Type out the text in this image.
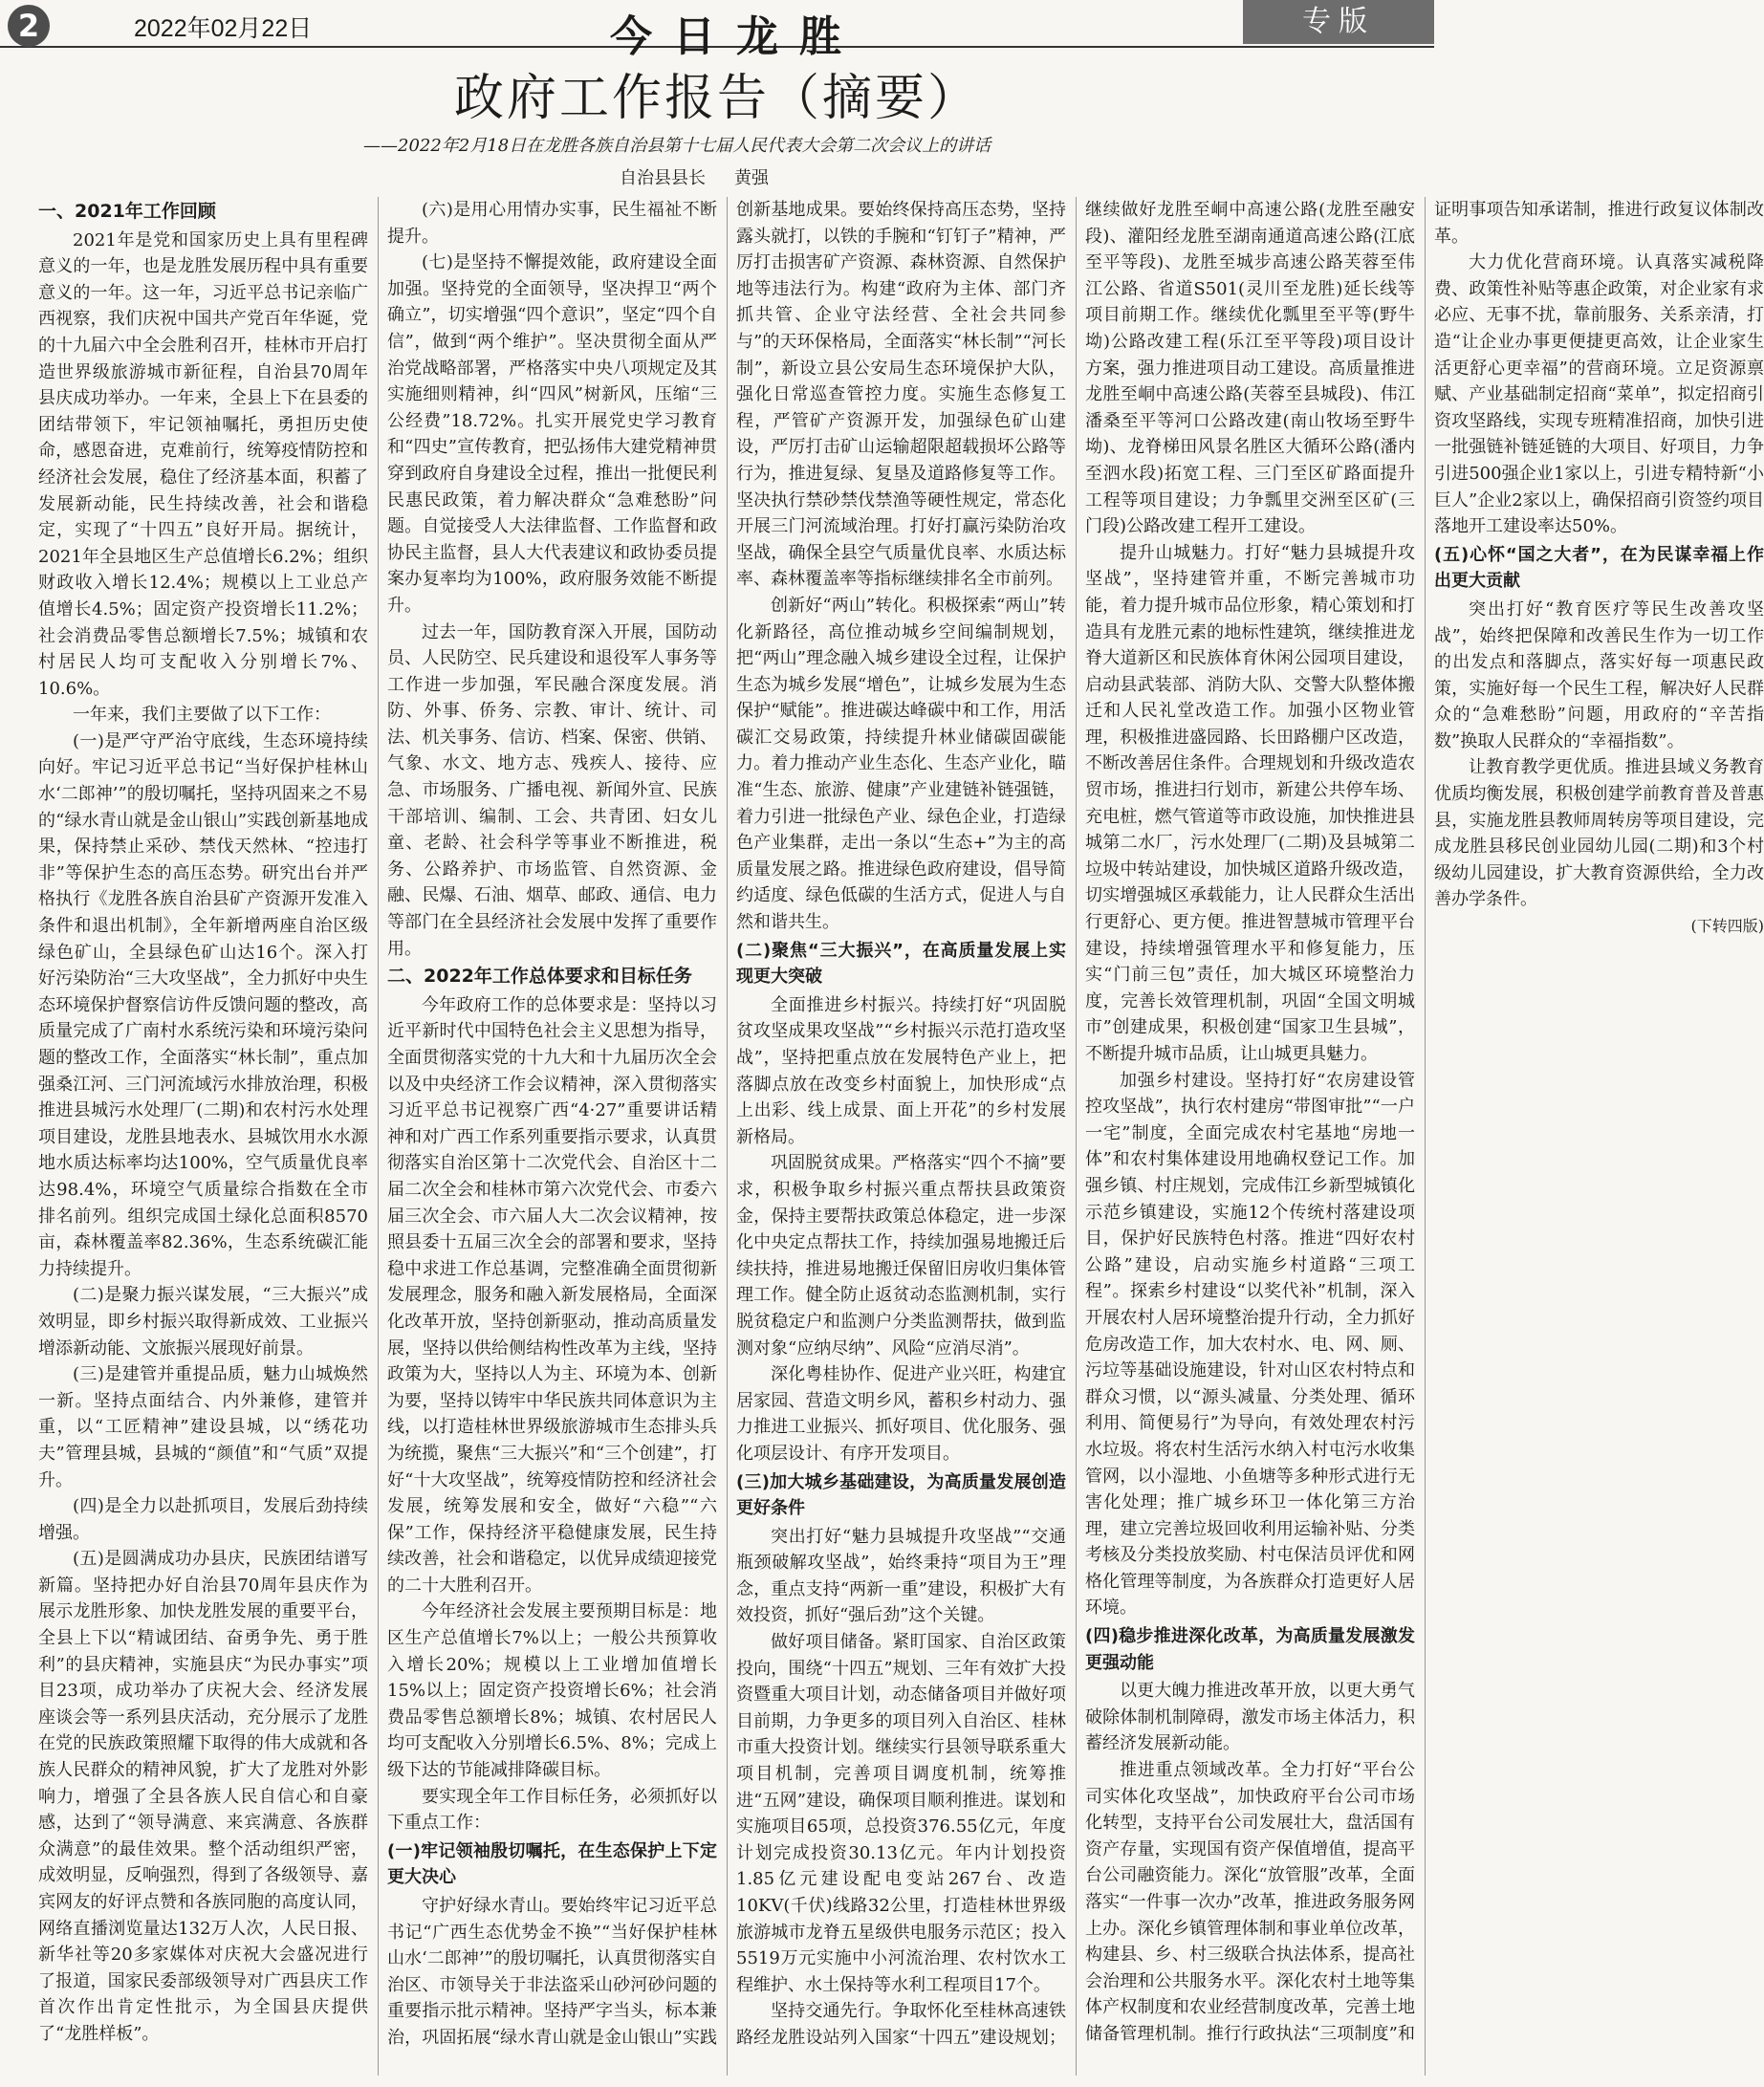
2	2022年02月22日	今日龙胜	专版
政府工作报告（摘要）
——2022年2月18日在龙胜各族自治县第十七届人民代表大会第二次会议上的讲话
自治县县长 黄强
一、2021年工作回顾

2021年是党和国家历史上具有里程碑意义的一年，也是龙胜发展历程中具有重要意义的一年。这一年，习近平总书记亲临广西视察，我们庆祝中国共产党百年华诞，党的十九届六中全会胜利召开，桂林市开启打造世界级旅游城市新征程，自治县70周年县庆成功举办。一年来，全县上下在县委的团结带领下，牢记领袖嘱托，勇担历史使命，感恩奋进，克难前行，统筹疫情防控和经济社会发展，稳住了经济基本面，积蓄了发展新动能，民生持续改善，社会和谐稳定，实现了“十四五”良好开局。据统计，2021年全县地区生产总值增长6.2%；组织财政收入增长12.4%；规模以上工业总产值增长4.5%；固定资产投资增长11.2%；社会消费品零售总额增长7.5%；城镇和农村居民人均可支配收入分别增长7%、10.6%。

一年来，我们主要做了以下工作：

(一)是严守严治守底线，生态环境持续向好。牢记习近平总书记“当好保护桂林山水‘二郎神’”的殷切嘱托，坚持巩固来之不易的“绿水青山就是金山银山”实践创新基地成果，保持禁止采砂、禁伐天然林、“控违打非”等保护生态的高压态势。研究出台并严格执行《龙胜各族自治县矿产资源开发准入条件和退出机制》，全年新增两座自治区级绿色矿山，全县绿色矿山达16个。深入打好污染防治“三大攻坚战”，全力抓好中央生态环境保护督察信访件反馈问题的整改，高质量完成了广南村水系统污染和环境污染问题的整改工作，全面落实“林长制”，重点加强桑江河、三门河流域污水排放治理，积极推进县城污水处理厂(二期)和农村污水处理项目建设，龙胜县地表水、县城饮用水水源地水质达标率均达100%，空气质量优良率达98.4%，环境空气质量综合指数在全市排名前列。组织完成国土绿化总面积8570亩，森林覆盖率82.36%，生态系统碳汇能力持续提升。

(二)是聚力振兴谋发展，“三大振兴”成效明显，即乡村振兴取得新成效、工业振兴增添新动能、文旅振兴展现好前景。

(三)是建管并重提品质，魅力山城焕然一新。坚持点面结合、内外兼修，建管并重，以“工匠精神”建设县城，以“绣花功夫”管理县城，县城的“颜值”和“气质”双提升。

(四)是全力以赴抓项目，发展后劲持续增强。

(五)是圆满成功办县庆，民族团结谱写新篇。坚持把办好自治县70周年县庆作为展示龙胜形象、加快龙胜发展的重要平台，全县上下以“精诚团结、奋勇争先、勇于胜利”的县庆精神，实施县庆“为民办事实”项目23项，成功举办了庆祝大会、经济发展座谈会等一系列县庆活动，充分展示了龙胜在党的民族政策照耀下取得的伟大成就和各族人民群众的精神风貌，扩大了龙胜对外影响力，增强了全县各族人民自信心和自豪感，达到了“领导满意、来宾满意、各族群众满意”的最佳效果。整个活动组织严密，成效明显，反响强烈，得到了各级领导、嘉宾网友的好评点赞和各族同胞的高度认同，网络直播浏览量达132万人次，人民日报、新华社等20多家媒体对庆祝大会盛况进行了报道，国家民委部级领导对广西县庆工作首次作出肯定性批示，为全国县庆提供了“龙胜样板”。

(六)是用心用情办实事，民生福祉不断提升。

(七)是坚持不懈提效能，政府建设全面加强。坚持党的全面领导，坚决捍卫“两个确立”，切实增强“四个意识”，坚定“四个自信”，做到“两个维护”。坚决贯彻全面从严治党战略部署，严格落实中央八项规定及其实施细则精神，纠“四风”树新风，压缩“三公经费”18.72%。扎实开展党史学习教育和“四史”宣传教育，把弘扬伟大建党精神贯穿到政府自身建设全过程，推出一批便民利民惠民政策，着力解决群众“急难愁盼”问题。自觉接受人大法律监督、工作监督和政协民主监督，县人大代表建议和政协委员提案办复率均为100%，政府服务效能不断提升。

过去一年，国防教育深入开展，国防动员、人民防空、民兵建设和退役军人事务等工作进一步加强，军民融合深度发展。消防、外事、侨务、宗教、审计、统计、司法、机关事务、信访、档案、保密、供销、气象、水文、地方志、残疾人、接待、应急、市场服务、广播电视、新闻外宣、民族干部培训、编制、工会、共青团、妇女儿童、老龄、社会科学等事业不断推进，税务、公路养护、市场监管、自然资源、金融、民爆、石油、烟草、邮政、通信、电力等部门在全县经济社会发展中发挥了重要作用。

二、2022年工作总体要求和目标任务

今年政府工作的总体要求是：坚持以习近平新时代中国特色社会主义思想为指导，全面贯彻落实党的十九大和十九届历次全会以及中央经济工作会议精神，深入贯彻落实习近平总书记视察广西“4·27”重要讲话精神和对广西工作系列重要指示要求，认真贯彻落实自治区第十二次党代会、自治区十二届二次全会和桂林市第六次党代会、市委六届三次全会、市六届人大二次会议精神，按照县委十五届三次全会的部署和要求，坚持稳中求进工作总基调，完整准确全面贯彻新发展理念，服务和融入新发展格局，全面深化改革开放，坚持创新驱动，推动高质量发展，坚持以供给侧结构性改革为主线，坚持政策为大，坚持以人为主、环境为本、创新为要，坚持以铸牢中华民族共同体意识为主线，以打造桂林世界级旅游城市生态排头兵为统揽，聚焦“三大振兴”和“三个创建”，打好“十大攻坚战”，统筹疫情防控和经济社会发展，统筹发展和安全，做好“六稳”“六保”工作，保持经济平稳健康发展，民生持续改善，社会和谐稳定，以优异成绩迎接党的二十大胜利召开。

今年经济社会发展主要预期目标是：地区生产总值增长7%以上；一般公共预算收入增长20%；规模以上工业增加值增长15%以上；固定资产投资增长6%；社会消费品零售总额增长8%；城镇、农村居民人均可支配收入分别增长6.5%、8%；完成上级下达的节能减排降碳目标。

要实现全年工作目标任务，必须抓好以下重点工作：

(一)牢记领袖殷切嘱托，在生态保护上下定更大决心

守护好绿水青山。要始终牢记习近平总书记“广西生态优势金不换”“当好保护桂林山水‘二郎神’”的殷切嘱托，认真贯彻落实自治区、市领导关于非法盗采山砂河砂问题的重要指示批示精神。坚持严字当头，标本兼治，巩固拓展“绿水青山就是金山银山”实践创新基地成果。要始终保持高压态势，坚持露头就打，以铁的手腕和“钉钉子”精神，严厉打击损害矿产资源、森林资源、自然保护地等违法行为。构建“政府为主体、部门齐抓共管、企业守法经营、全社会共同参与”的天环保格局，全面落实“林长制”“河长制”，新设立县公安局生态环境保护大队，强化日常巡查管控力度。实施生态修复工程，严管矿产资源开发，加强绿色矿山建设，严厉打击矿山运输超限超载损坏公路等行为，推进复绿、复垦及道路修复等工作。坚决执行禁砂禁伐禁渔等硬性规定，常态化开展三门河流域治理。打好打赢污染防治攻坚战，确保全县空气质量优良率、水质达标率、森林覆盖率等指标继续排名全市前列。

创新好“两山”转化。积极探索“两山”转化新路径，高位推动城乡空间编制规划，把“两山”理念融入城乡建设全过程，让保护生态为城乡发展“增色”，让城乡发展为生态保护“赋能”。推进碳达峰碳中和工作，用活碳汇交易政策，持续提升林业储碳固碳能力。着力推动产业生态化、生态产业化，瞄准“生态、旅游、健康”产业建链补链强链，着力引进一批绿色产业、绿色企业，打造绿色产业集群，走出一条以“生态+”为主的高质量发展之路。推进绿色政府建设，倡导简约适度、绿色低碳的生活方式，促进人与自然和谐共生。

(二)聚焦“三大振兴”，在高质量发展上实现更大突破

全面推进乡村振兴。持续打好“巩固脱贫攻坚成果攻坚战”“乡村振兴示范打造攻坚战”，坚持把重点放在发展特色产业上，把落脚点放在改变乡村面貌上，加快形成“点上出彩、线上成景、面上开花”的乡村发展新格局。

巩固脱贫成果。严格落实“四个不摘”要求，积极争取乡村振兴重点帮扶县政策资金，保持主要帮扶政策总体稳定，进一步深化中央定点帮扶工作，持续加强易地搬迁后续扶持，推进易地搬迁保留旧房收归集体管理工作。健全防止返贫动态监测机制，实行脱贫稳定户和监测户分类监测帮扶，做到监测对象“应纳尽纳”、风险“应消尽消”。

深化粤桂协作、促进产业兴旺，构建宜居家园、营造文明乡风，蓄积乡村动力、强力推进工业振兴、抓好项目、优化服务、强化项层设计、有序开发项目。

(三)加大城乡基础建设，为高质量发展创造更好条件

突出打好“魅力县城提升攻坚战”“交通瓶颈破解攻坚战”，始终秉持“项目为王”理念，重点支持“两新一重”建设，积极扩大有效投资，抓好“强后劲”这个关键。

做好项目储备。紧盯国家、自治区政策投向，围绕“十四五”规划、三年有效扩大投资暨重大项目计划，动态储备项目并做好项目前期，力争更多的项目列入自治区、桂林市重大投资计划。继续实行县领导联系重大项目机制，完善项目调度机制，统筹推进“五网”建设，确保项目顺利推进。谋划和实施项目65项，总投资376.55亿元，年度计划完成投资30.13亿元。年内计划投资1.85亿元建设配电变站267台、改造10KV(千伏)线路32公里，打造桂林世界级旅游城市龙脊五星级供电服务示范区；投入5519万元实施中小河流治理、农村饮水工程维护、水土保持等水利工程项目17个。

坚持交通先行。争取怀化至桂林高速铁路经龙胜设站列入国家“十四五”建设规划；继续做好龙胜至峒中高速公路(龙胜至融安段)、灌阳经龙胜至湖南通道高速公路(江底至平等段)、龙胜至城步高速公路芙蓉至伟江公路、省道S501(灵川至龙胜)延长线等项目前期工作。继续优化瓢里至平等(野牛坳)公路改建工程(乐江至平等段)项目设计方案，强力推进项目动工建设。高质量推进龙胜至峒中高速公路(芙蓉至县城段)、伟江潘桑至平等河口公路改建(南山牧场至野牛坳)、龙脊梯田风景名胜区大循环公路(潘内至泗水段)拓宽工程、三门至区矿路面提升工程等项目建设；力争瓢里交洲至区矿(三门段)公路改建工程开工建设。

提升山城魅力。打好“魅力县城提升攻坚战”，坚持建管并重，不断完善城市功能，着力提升城市品位形象，精心策划和打造具有龙胜元素的地标性建筑，继续推进龙脊大道新区和民族体育休闲公园项目建设，启动县武装部、消防大队、交警大队整体搬迁和人民礼堂改造工作。加强小区物业管理，积极推进盛园路、长田路棚户区改造，不断改善居住条件。合理规划和升级改造农贸市场，推进扫行划市，新建公共停车场、充电桩，燃气管道等市政设施，加快推进县城第二水厂，污水处理厂(二期)及县城第二垃圾中转站建设，加快城区道路升级改造，切实增强城区承载能力，让人民群众生活出行更舒心、更方便。推进智慧城市管理平台建设，持续增强管理水平和修复能力，压实“门前三包”责任，加大城区环境整治力度，完善长效管理机制，巩固“全国文明城市”创建成果，积极创建“国家卫生县城”，不断提升城市品质，让山城更具魅力。

加强乡村建设。坚持打好“农房建设管控攻坚战”，执行农村建房“带图审批”“一户一宅”制度，全面完成农村宅基地“房地一体”和农村集体建设用地确权登记工作。加强乡镇、村庄规划，完成伟江乡新型城镇化示范乡镇建设，实施12个传统村落建设项目，保护好民族特色村落。推进“四好农村公路”建设，启动实施乡村道路“三项工程”。探索乡村建设“以奖代补”机制，深入开展农村人居环境整治提升行动，全力抓好危房改造工作，加大农村水、电、网、厕、污垃等基础设施建设，针对山区农村特点和群众习惯，以“源头减量、分类处理、循环利用、简便易行”为导向，有效处理农村污水垃圾。将农村生活污水纳入村屯污水收集管网，以小湿地、小鱼塘等多种形式进行无害化处理；推广城乡环卫一体化第三方治理，建立完善垃圾回收利用运输补贴、分类考核及分类投放奖励、村屯保洁员评优和网格化管理等制度，为各族群众打造更好人居环境。

(四)稳步推进深化改革，为高质量发展激发更强动能

以更大魄力推进改革开放，以更大勇气破除体制机制障碍，激发市场主体活力，积蓄经济发展新动能。

推进重点领域改革。全力打好“平台公司实体化攻坚战”，加快政府平台公司市场化转型，支持平台公司发展壮大，盘活国有资产存量，实现国有资产保值增值，提高平台公司融资能力。深化“放管服”改革，全面落实“一件事一次办”改革，推进政务服务网上办。深化乡镇管理体制和事业单位改革，构建县、乡、村三级联合执法体系，提高社会治理和公共服务水平。深化农村土地等集体产权制度和农业经营制度改革，完善土地储备管理机制。推行行政执法“三项制度”和证明事项告知承诺制，推进行政复议体制改革。

大力优化营商环境。认真落实减税降费、政策性补贴等惠企政策，对企业家有求必应、无事不扰，靠前服务、关系亲清，打造“让企业办事更便捷更高效，让企业家生活更舒心更幸福”的营商环境。立足资源禀赋、产业基础制定招商“菜单”，拟定招商引资攻坚路线，实现专班精准招商，加快引进一批强链补链延链的大项目、好项目，力争引进500强企业1家以上，引进专精特新“小巨人”企业2家以上，确保招商引资签约项目落地开工建设率达50%。

(五)心怀“国之大者”，在为民谋幸福上作出更大贡献

突出打好“教育医疗等民生改善攻坚战”，始终把保障和改善民生作为一切工作的出发点和落脚点，落实好每一项惠民政策，实施好每一个民生工程，解决好人民群众的“急难愁盼”问题，用政府的“辛苦指数”换取人民群众的“幸福指数”。

让教育教学更优质。推进县域义务教育优质均衡发展，积极创建学前教育普及普惠县，实施龙胜县教师周转房等项目建设，完成龙胜县移民创业园幼儿园(二期)和3个村级幼儿园建设，扩大教育资源供给，全力改善办学条件。

(下转四版)
